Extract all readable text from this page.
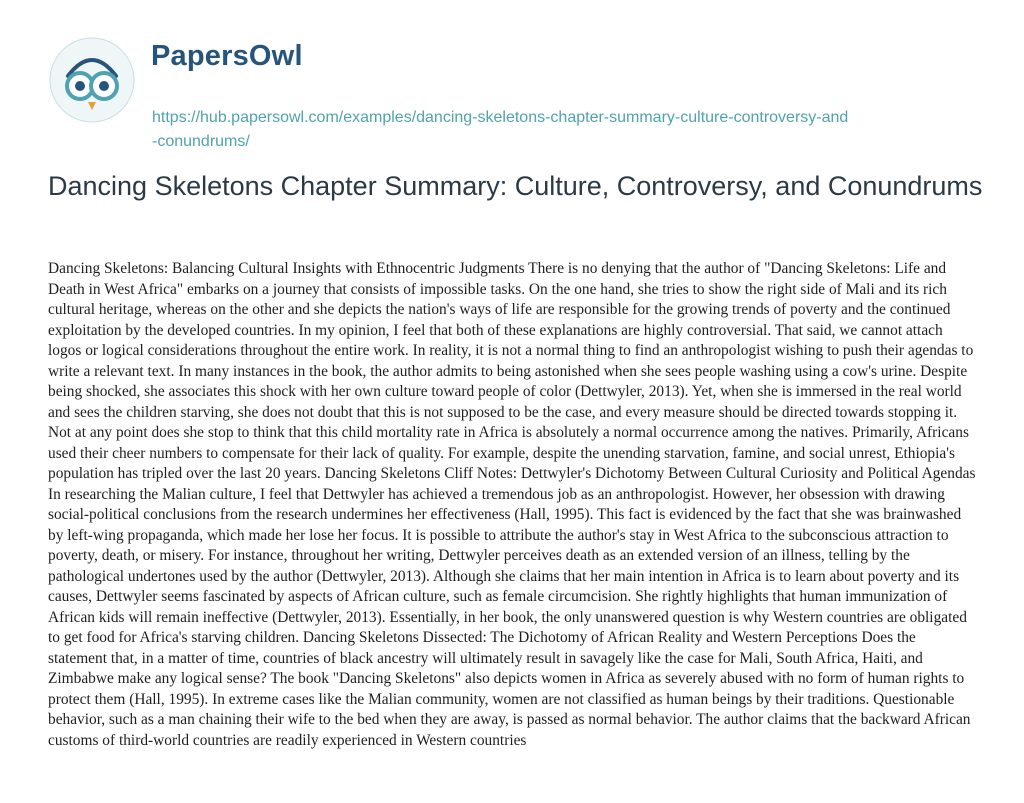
PapersOwl
https://hub.papersowl.com/examples/dancing-skeletons-chapter-summary-culture-controversy-and-conundrums/
Dancing Skeletons Chapter Summary: Culture, Controversy, and Conundrums

Dancing Skeletons: Balancing Cultural Insights with Ethnocentric Judgments There is no denying that the author of "Dancing Skeletons: Life and Death in West Africa" embarks on a journey that consists of impossible tasks. On the one hand, she tries to show the right side of Mali and its rich cultural heritage, whereas on the other and she depicts the nation's ways of life are responsible for the growing trends of poverty and the continued exploitation by the developed countries. In my opinion, I feel that both of these explanations are highly controversial. That said, we cannot attach logos or logical considerations throughout the entire work. In reality, it is not a normal thing to find an anthropologist wishing to push their agendas to write a relevant text. In many instances in the book, the author admits to being astonished when she sees people washing using a cow's urine. Despite being shocked, she associates this shock with her own culture toward people of color (Dettwyler, 2013). Yet, when she is immersed in the real world and sees the children starving, she does not doubt that this is not supposed to be the case, and every measure should be directed towards stopping it. Not at any point does she stop to think that this child mortality rate in Africa is absolutely a normal occurrence among the natives. Primarily, Africans used their cheer numbers to compensate for their lack of quality. For example, despite the unending starvation, famine, and social unrest, Ethiopia's population has tripled over the last 20 years. Dancing Skeletons Cliff Notes: Dettwyler's Dichotomy Between Cultural Curiosity and Political Agendas In researching the Malian culture, I feel that Dettwyler has achieved a tremendous job as an anthropologist. However, her obsession with drawing social-political conclusions from the research undermines her effectiveness (Hall, 1995). This fact is evidenced by the fact that she was brainwashed by left-wing propaganda, which made her lose her focus. It is possible to attribute the author's stay in West Africa to the subconscious attraction to poverty, death, or misery. For instance, throughout her writing, Dettwyler perceives death as an extended version of an illness, telling by the pathological undertones used by the author (Dettwyler, 2013). Although she claims that her main intention in Africa is to learn about poverty and its causes, Dettwyler seems fascinated by aspects of African culture, such as female circumcision. She rightly highlights that human immunization of African kids will remain ineffective (Dettwyler, 2013). Essentially, in her book, the only unanswered question is why Western countries are obligated to get food for Africa's starving children. Dancing Skeletons Dissected: The Dichotomy of African Reality and Western Perceptions Does the statement that, in a matter of time, countries of black ancestry will ultimately result in savagely like the case for Mali, South Africa, Haiti, and Zimbabwe make any logical sense? The book "Dancing Skeletons" also depicts women in Africa as severely abused with no form of human rights to protect them (Hall, 1995). In extreme cases like the Malian community, women are not classified as human beings by their traditions. Questionable behavior, such as a man chaining their wife to the bed when they are away, is passed as normal behavior. The author claims that the backward African customs of third-world countries are readily experienced in Western countries
